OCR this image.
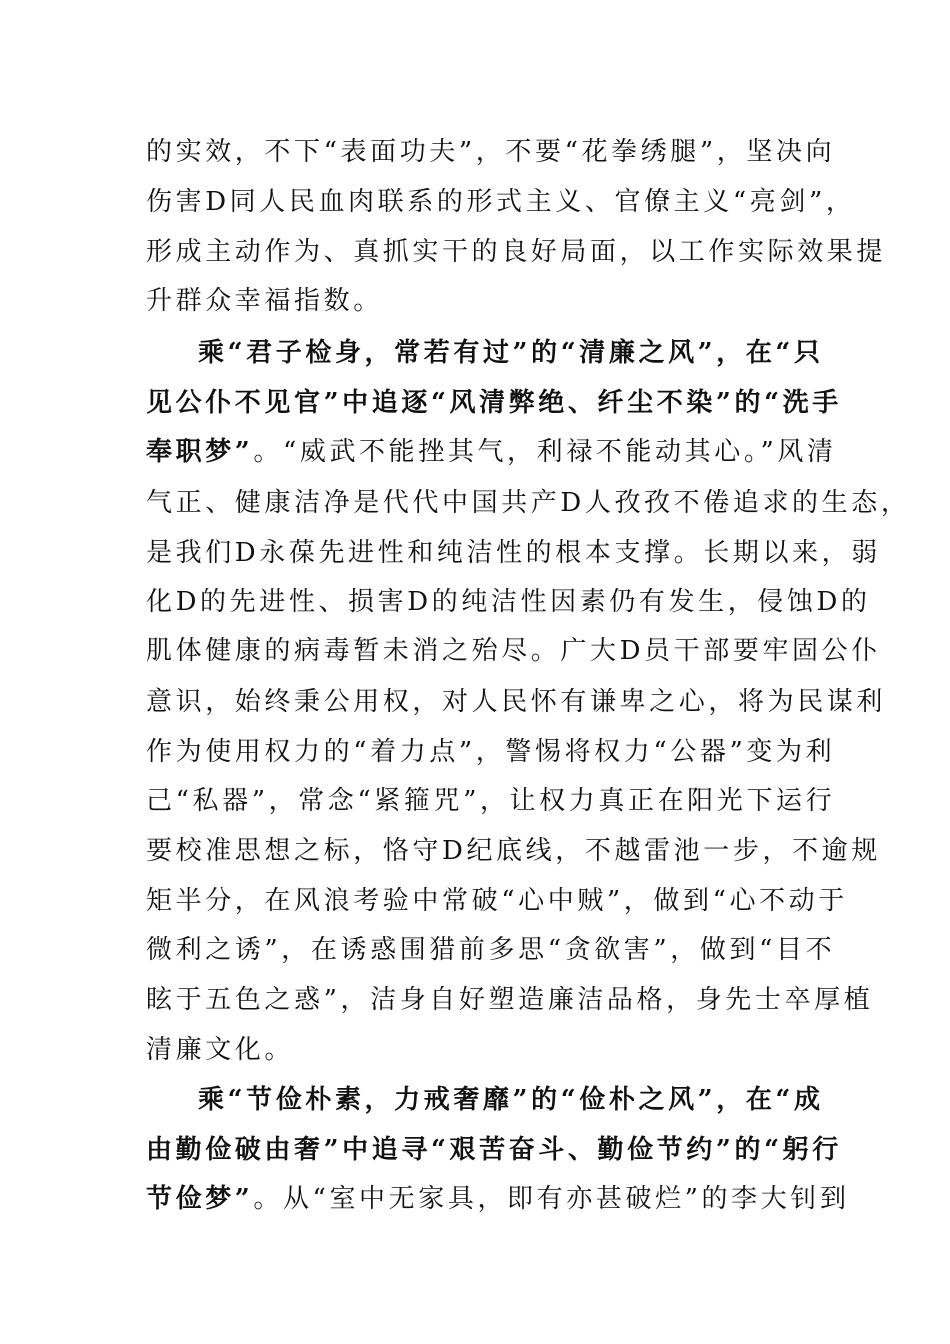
的实效，不下“表面功夫”，不要“花拳绣腿”，坚决向
伤害D同人民血肉联系的形式主义、官僚主义“亮剑”，
形成主动作为、真抓实干的良好局面，以工作实际效果提
升群众幸福指数。
乘“君子检身，常若有过”的“清廉之风”，在“只
见公仆不见官”中追逐“风清弊绝、纤尘不染”的“洗手
奉职梦”。“威武不能挫其气，利禄不能动其心。”风清
气正、健康洁净是代代中国共产D人孜孜不倦追求的生态，
是我们D永葆先进性和纯洁性的根本支撑。长期以来，弱
化D的先进性、损害D的纯洁性因素仍有发生，侵蚀D的
肌体健康的病毒暂未消之殆尽。广大D员干部要牢固公仆
意识，始终秉公用权，对人民怀有谦卑之心，将为民谋利
作为使用权力的“着力点”，警惕将权力“公器”变为利
己“私器”，常念“紧箍咒”，让权力真正在阳光下运行
要校准思想之标，恪守D纪底线，不越雷池一步，不逾规
矩半分，在风浪考验中常破“心中贼”，做到“心不动于
微利之诱”，在诱惑围猎前多思“贪欲害”，做到“目不
眩于五色之惑”，洁身自好塑造廉洁品格，身先士卒厚植
清廉文化。
乘“节俭朴素，力戒奢靡”的“俭朴之风”，在“成
由勤俭破由奢”中追寻“艰苦奋斗、勤俭节约”的“躬行
节俭梦”。从“室中无家具，即有亦甚破烂”的李大钊到
